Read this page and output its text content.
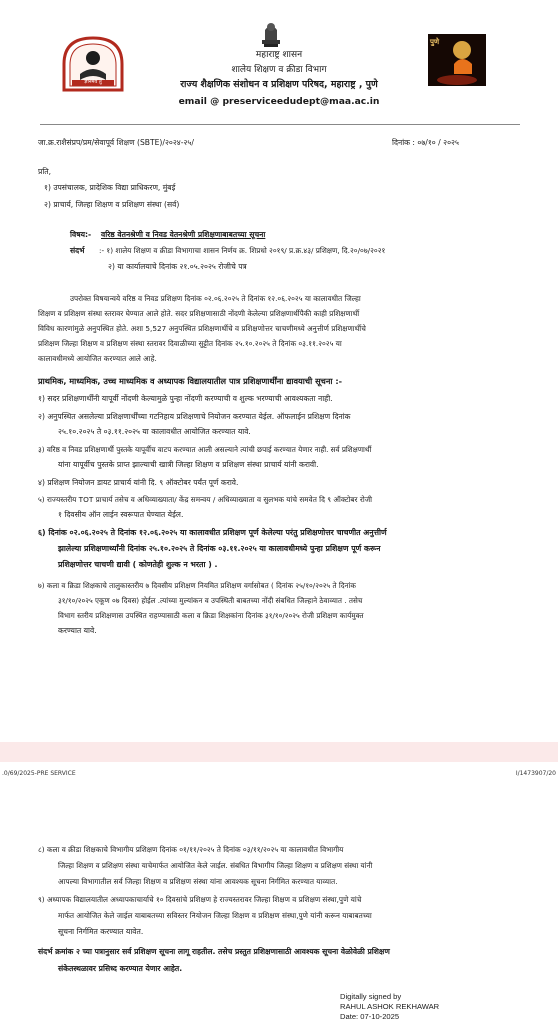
ज्ञानमेव तु
पुणे
महाराष्ट्र शासन
शालेय शिक्षण व क्रीडा विभाग
राज्य शैक्षणिक संशोधन व प्रशिक्षण परिषद, महाराष्ट्र , पुणे
email @ preserviceedudept@maa.ac.in
जा.क्र.राशैसंप्रप/प्रम/सेवापूर्व शिक्षण (SBTE)/२०२४-२५/	दिनांक : ०७/१० / २०२५
प्रति,
१) उपसंचालक, प्रादेशिक विद्या प्राधिकरण, मुंबई
२) प्राचार्य, जिल्हा शिक्षण व प्रशिक्षण संस्था (सर्व)
विषय:- वरिष्ठ वेतनश्रेणी व निवड वेतनश्रेणी प्रशिक्षणाबाबतच्या सूचना
संदर्भ :- १) शालेय शिक्षण व क्रीडा विभागाचा शासन निर्णय क्र. शिप्रधो २०१९/ प्र.क्र.४३/ प्रशिक्षण, दि.२०/०७/२०२१
२) या कार्यालयाचे दिनांक २१.०५.२०२५ रोजीचे पत्र
उपरोक्त विषयान्वये वरिष्ठ व निवड प्रशिक्षण दिनांक ०२.०६.२०२५ ते दिनांक १२.०६.२०२५ या कालावधीत जिल्हा
शिक्षण व प्रशिक्षण संस्था स्तरावर घेण्यात आले होते. सदर प्रशिक्षणासाठी नोंदणी केलेल्या प्रशिक्षणार्थीपैकी काही प्रशिक्षणार्थी
विविध कारणांमुळे अनुपस्थित होते. अशा 5,527 अनुपस्थित प्रशिक्षणार्थीचे व प्रशिक्षणोत्तर चाचणीमध्ये अनुत्तीर्ण प्रशिक्षणार्थीचे
प्रशिक्षण जिल्हा शिक्षण व प्रशिक्षण संस्था स्तरावर दिवाळीच्या सुट्टीत दिनांक २५.१०.२०२५ ते दिनांक ०३.११.२०२५ या
कालावधीमध्ये आयोजित करण्यात आले आहे.
प्राथमिक, माध्यमिक, उच्च माध्यमिक व अध्यापक विद्यालयातील पात्र प्रशिक्षणार्थींना द्यावयाची सूचना :-
१) सदर प्रशिक्षणार्थींनी यापूर्वी नोंदणी केल्यामुळे पुन्हा नोंदणी करण्याची व शुल्क भरण्याची आवश्यकता नाही.
२) अनुपस्थित असलेल्या प्रशिक्षणार्थींच्या गटनिहाय प्रशिक्षणाचे नियोजन करण्यात येईल. ऑफलाईन प्रशिक्षण दिनांक
२५.१०.२०२५ ते ०३.११.२०२५ या कालावधीत आयोजित करण्यात यावे.
३) वरिष्ठ व निवड प्रशिक्षणार्थी पुस्तके यापूर्वीच वाटप करण्यात आली असल्याने त्यांची छपाई करण्यात येणार नाही. सर्व प्रशिक्षणार्थी
यांना यापूर्वीच पुस्तके प्राप्त झाल्याची खात्री जिल्हा शिक्षण व प्रशिक्षण संस्था प्राचार्य यांनी करावी.
४) प्रशिक्षण नियोजन डायट प्राचार्य यांनी दि. ९ ऑक्टोबर पर्यंत पूर्ण करावे.
५) राज्यस्तरीय TOT प्राचार्य तसेच व अधिव्याख्याता/ केंद्र समन्वय / अधिव्याख्याता व सुलभक यांचे समवेत दि ९ ऑक्टोबर रोजी
१ दिवसीय ऑन लाईन स्वरूपात घेण्यात येईल.
६) दिनांक ०२.०६.२०२५ ते दिनांक १२.०६.२०२५ या कालावधीत प्रशिक्षण पूर्ण केलेल्या परंतु प्रशिक्षणोत्तर चाचणीत अनुत्तीर्ण
झालेल्या प्रशिक्षणार्थ्यांनी दिनांक २५.१०.२०२५ ते दिनांक ०३.११.२०२५ या कालावधीमध्ये पुन्हा प्रशिक्षण पूर्ण करून
प्रशिक्षणोत्तर चाचणी द्यावी ( कोणतेही शुल्क न भरता ) .
७) कला व क्रिडा शिक्षकाचे तालुकास्तरीय ७ दिवसीय प्रशिक्षण नियमित प्रशिक्षण वर्गासोबत ( दिनांक २५/१०/२०२५ ते दिनांक
३१/१०/२०२५ एकूण ०७ दिवस) होईल .त्यांच्या मुल्यांकन व उपस्थिती बाबतच्या नोंदी संबधित जिल्हाने ठेवाव्यात . तसेच
विभाग स्तरीय प्रशिक्षणास उपस्थित राहण्यासाठी कला व क्रिडा शिक्षकांना दिनांक ३१/१०/२०२५ रोजी प्रशिक्षण कार्यमुक्त
करण्यात यावे.
.0/69/2025-PRE SERVICE	I/1473907/20
८) कला व क्रीडा शिक्षकाचे विभागीय प्रशिक्षण दिनांक ०१/११/२०२५ ते दिनांक ०३/११/२०२५ या कालावधीत विभागीय
जिल्हा शिक्षण व प्रशिक्षण संस्था याचेमार्फत आयोजित केले जाईल. संबधित विभागीय जिल्हा शिक्षण व प्रशिक्षण संस्था यांनी
आपल्या विभागातील सर्व जिल्हा शिक्षण व प्रशिक्षण संस्था यांना आवश्यक सूचना निर्गमित करण्यात याव्यात.
९) अध्यापक विद्यालयातील अध्यापकाचार्याचे १० दिवसांचे प्रशिक्षण हे राज्यस्तरावर जिल्हा शिक्षण व प्रशिक्षण संस्था,पुणे यांचे
मार्फत आयोजित केले जाईल याबाबतच्या सविस्तर नियोजन जिल्हा शिक्षण व प्रशिक्षण संस्था,पुणे यांनी करून याबाबतच्या
सूचना निर्गमित करण्यात यावेत.
संदर्भ क्रमांक २ च्या पत्रानुसार सर्व प्रशिक्षण सूचना लागू राहतील. तसेच प्रस्तुत प्रशिक्षणासाठी आवश्यक सूचना वेळोवेळी प्रशिक्षण
संकेतस्थळावर प्रसिध्द करण्यात येणार आहेत.
Digitally signed by
RAHUL ASHOK REKHAWAR
Date: 07-10-2025
